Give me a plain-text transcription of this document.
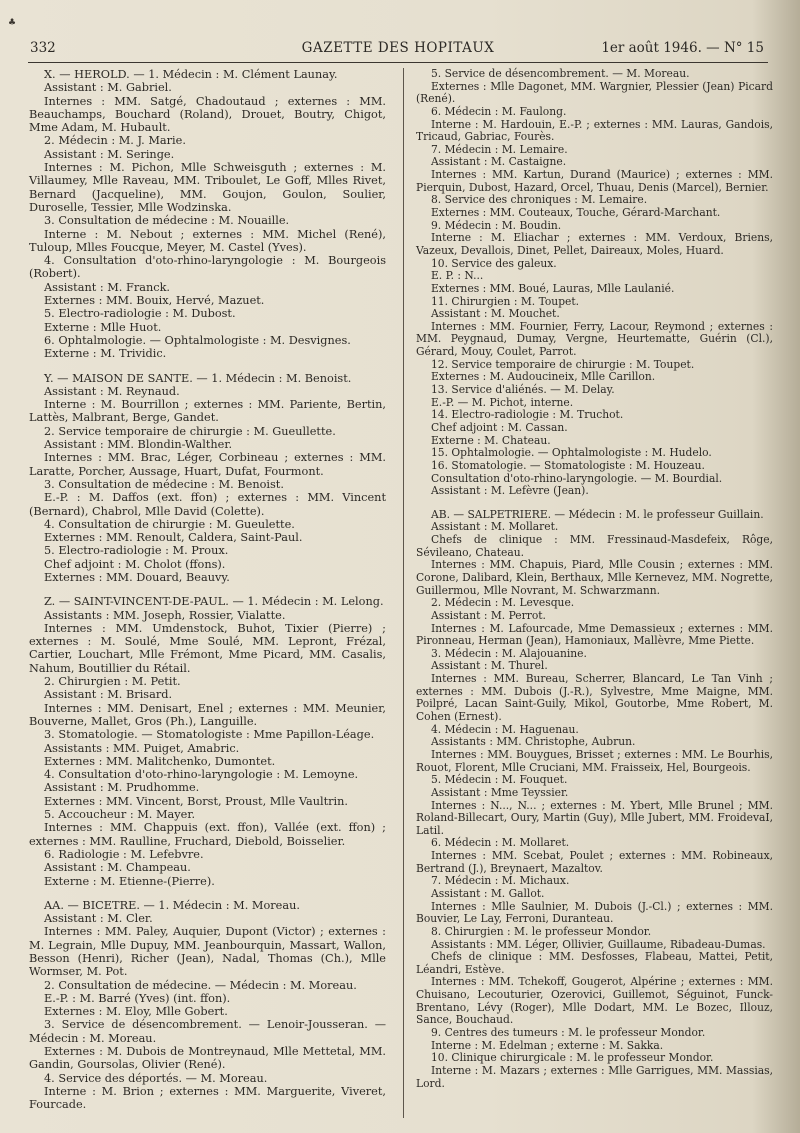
♣
332	GAZETTE DES HOPITAUX	1er août 1946. — N° 15
X. — HEROLD. — 1. Médecin : M. Clément Launay.
Assistant : M. Gabriel.
Internes : MM. Satgé, Chadoutaud ; externes : MM. Beauchamps, Bouchard (Roland), Drouet, Boutry, Chigot, Mme Adam, M. Hubault.
2. Médecin : M. J. Marie.
Assistant : M. Seringe.
Internes : M. Pichon, Mlle Schweisguth ; externes : M. Villaumey, Mlle Raveau, MM. Triboulet, Le Goff, Mlles Rivet, Bernard (Jacqueline), MM. Goujon, Goulon, Soulier, Duroselle, Tessier, Mlle Wodzinska.
3. Consultation de médecine : M. Nouaille.
Interne : M. Nebout ; externes : MM. Michel (René), Tuloup, Mlles Foucque, Meyer, M. Castel (Yves).
4. Consultation d'oto-rhino-laryngologie : M. Bourgeois (Robert).
Assistant : M. Franck.
Externes : MM. Bouix, Hervé, Mazuet.
5. Electro-radiologie : M. Dubost.
Externe : Mlle Huot.
6. Ophtalmologie. — Ophtalmologiste : M. Desvignes.
Externe : M. Trividic.
Y. — MAISON DE SANTE. — 1. Médecin : M. Benoist.
Assistant : M. Reynaud.
Interne : M. Bourrillon ; externes : MM. Pariente, Bertin, Lattès, Malbrant, Berge, Gandet.
2. Service temporaire de chirurgie : M. Gueullette.
Assistant : MM. Blondin-Walther.
Internes : MM. Brac, Léger, Corbineau ; externes : MM. Laratte, Porcher, Aussage, Huart, Dufat, Fourmont.
3. Consultation de médecine : M. Benoist.
E.-P. : M. Daffos (ext. ffon) ; externes : MM. Vincent (Bernard), Chabrol, Mlle David (Colette).
4. Consultation de chirurgie : M. Gueulette.
Externes : MM. Renoult, Caldera, Saint-Paul.
5. Electro-radiologie : M. Proux.
Chef adjoint : M. Cholot (ffons).
Externes : MM. Douard, Beauvy.
Z. — SAINT-VINCENT-DE-PAUL. — 1. Médecin : M. Lelong.
Assistants : MM. Joseph, Rossier, Vialatte.
Internes : MM. Umdenstock, Buhot, Tixier (Pierre) ; externes : M. Soulé, Mme Soulé, MM. Lepront, Frézal, Cartier, Louchart, Mlle Frémont, Mme Picard, MM. Casalis, Nahum, Boutillier du Rétail.
2. Chirurgien : M. Petit.
Assistant : M. Brisard.
Internes : MM. Denisart, Enel ; externes : MM. Meunier, Bouverne, Mallet, Gros (Ph.), Languille.
3. Stomatologie. — Stomatologiste : Mme Papillon-Léage.
Assistants : MM. Puiget, Amabric.
Externes : MM. Malitchenko, Dumontet.
4. Consultation d'oto-rhino-laryngologie : M. Lemoyne.
Assistant : M. Prudhomme.
Externes : MM. Vincent, Borst, Proust, Mlle Vaultrin.
5. Accoucheur : M. Mayer.
Internes : MM. Chappuis (ext. ffon), Vallée (ext. ffon) ; externes : MM. Raulline, Fruchard, Diebold, Boisselier.
6. Radiologie : M. Lefebvre.
Assistant : M. Champeau.
Externe : M. Etienne-(Pierre).
AA. — BICETRE. — 1. Médecin : M. Moreau.
Assistant : M. Cler.
Internes : MM. Paley, Auquier, Dupont (Victor) ; externes : M. Legrain, Mlle Dupuy, MM. Jeanbourquin, Massart, Wallon, Besson (Henri), Richer (Jean), Nadal, Thomas (Ch.), Mlle Wormser, M. Pot.
2. Consultation de médecine. — Médecin : M. Moreau.
E.-P. : M. Barré (Yves) (int. ffon).
Externes : M. Eloy, Mlle Gobert.
3. Service de désencombrement. — Lenoir-Jousseran. — Médecin : M. Moreau.
Externes : M. Dubois de Montreynaud, Mlle Mettetal, MM. Gandin, Goursolas, Olivier (René).
4. Service des déportés. — M. Moreau.
Interne : M. Brion ; externes : MM. Marguerite, Viveret, Fourcade.
5. Service de désencombrement. — M. Moreau.
Externes : Mlle Dagonet, MM. Wargnier, Plessier (Jean) Picard (René).
6. Médecin : M. Faulong.
Interne : M. Hardouin, E.-P. ; externes : MM. Lauras, Gandois, Tricaud, Gabriac, Fourès.
7. Médecin : M. Lemaire.
Assistant : M. Castaigne.
Internes : MM. Kartun, Durand (Maurice) ; externes : MM. Pierquin, Dubost, Hazard, Orcel, Thuau, Denis (Marcel), Bernier.
8. Service des chroniques : M. Lemaire.
Externes : MM. Couteaux, Touche, Gérard-Marchant.
9. Médecin : M. Boudin.
Interne : M. Eliachar ; externes : MM. Verdoux, Briens, Vazeux, Devallois, Dinet, Pellet, Daireaux, Moles, Huard.
10. Service des galeux.
E. P. : N...
Externes : MM. Boué, Lauras, Mlle Laulanié.
11. Chirurgien : M. Toupet.
Assistant : M. Mouchet.
Internes : MM. Fournier, Ferry, Lacour, Reymond ; externes : MM. Peygnaud, Dumay, Vergne, Heurtematte, Guérin (Cl.), Gérard, Mouy, Coulet, Parrot.
12. Service temporaire de chirurgie : M. Toupet.
Externes : M. Audoucineix, Mlle Carillon.
13. Service d'aliénés. — M. Delay.
E.-P. — M. Pichot, interne.
14. Electro-radiologie : M. Truchot.
Chef adjoint : M. Cassan.
Externe : M. Chateau.
15. Ophtalmologie. — Ophtalmologiste : M. Hudelo.
16. Stomatologie. — Stomatologiste : M. Houzeau.
Consultation d'oto-rhino-laryngologie. — M. Bourdial.
Assistant : M. Lefèvre (Jean).
AB. — SALPETRIERE. — Médecin : M. le professeur Guillain.
Assistant : M. Mollaret.
Chefs de clinique : MM. Fressinaud-Masdefeix, Rôge, Sévileano, Chateau.
Internes : MM. Chapuis, Piard, Mlle Cousin ; externes : MM. Corone, Dalibard, Klein, Berthaux, Mlle Kernevez, MM. Nogrette, Guillermou, Mlle Novrant, M. Schwarzmann.
2. Médecin : M. Levesque.
Assistant : M. Perrot.
Internes : M. Lafourcade, Mme Demassieux ; externes : MM. Pironneau, Herman (Jean), Hamoniaux, Mallèvre, Mme Piette.
3. Médecin : M. Alajouanine.
Assistant : M. Thurel.
Internes : MM. Bureau, Scherrer, Blancard, Le Tan Vinh ; externes : MM. Dubois (J.-R.), Sylvestre, Mme Maigne, MM. Poilpré, Lacan Saint-Guily, Mikol, Goutorbe, Mme Robert, M. Cohen (Ernest).
4. Médecin : M. Haguenau.
Assistants : MM. Christophe, Aubrun.
Internes : MM. Bouygues, Brisset ; externes : MM. Le Bourhis, Rouot, Florent, Mlle Cruciani, MM. Fraisseix, Hel, Bourgeois.
5. Médecin : M. Fouquet.
Assistant : Mme Teyssier.
Internes : N..., N... ; externes : M. Ybert, Mlle Brunel ; MM. Roland-Billecart, Oury, Martin (Guy), Mlle Jubert, MM. FroidevaI, Latil.
6. Médecin : M. Mollaret.
Internes : MM. Scebat, Poulet ; externes : MM. Robineaux, Bertrand (J.), Breynaert, Mazaltov.
7. Médecin : M. Michaux.
Assistant : M. Gallot.
Internes : Mlle Saulnier, M. Dubois (J.-Cl.) ; externes : MM. Bouvier, Le Lay, Ferroni, Duranteau.
8. Chirurgien : M. le professeur Mondor.
Assistants : MM. Léger, Ollivier, Guillaume, Ribadeau-Dumas.
Chefs de clinique : MM. Desfosses, Flabeau, Mattei, Petit, Léandri, Estève.
Internes : MM. Tchekoff, Gougerot, Alpérine ; externes : MM. Chuisano, Lecouturier, Ozerovici, Guillemot, Séguinot, Funck-Brentano, Lévy (Roger), Mlle Dodart, MM. Le Bozec, Illouz, Sance, Bouchaud.
9. Centres des tumeurs : M. le professeur Mondor.
Interne : M. Edelman ; externe : M. Sakka.
10. Clinique chirurgicale : M. le professeur Mondor.
Interne : M. Mazars ; externes : Mlle Garrigues, MM. Massias, Lord.
